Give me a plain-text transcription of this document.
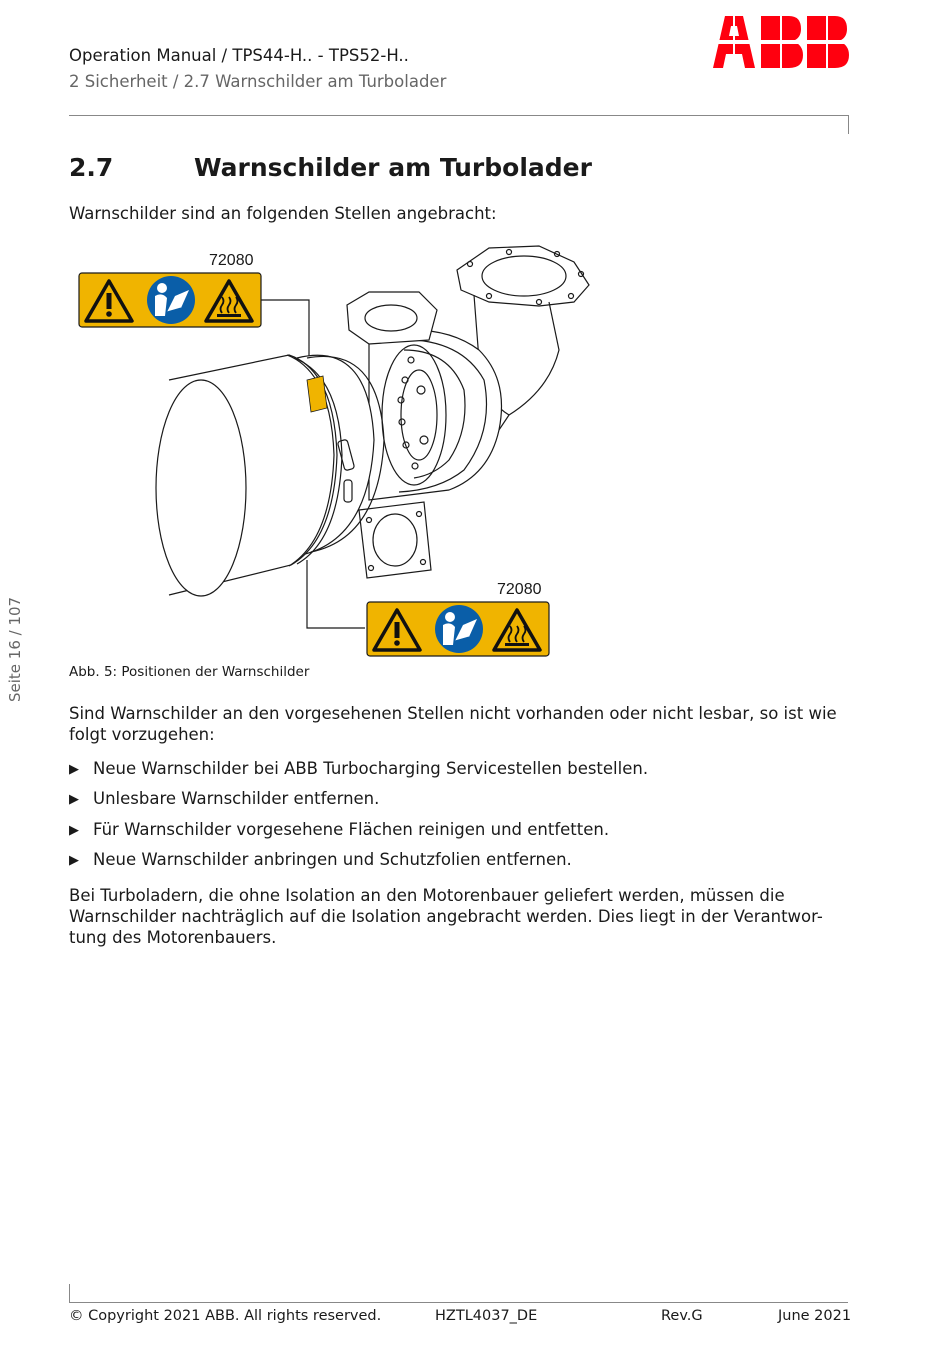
Operation Manual / TPS44-H.. - TPS52-H..
2 Sicherheit / 2.7 Warnschilder am Turbolader
2.7	Warnschilder am Turbolader
Warnschilder sind an folgenden Stellen angebracht:
72080
72080
Abb. 5: Positionen der Warnschilder
Sind Warnschilder an den vorgesehenen Stellen nicht vorhanden oder nicht lesbar, so ist wie folgt vorzugehen:
▶ Neue Warnschilder bei ABB Turbocharging Servicestellen bestellen.
▶ Unlesbare Warnschilder entfernen.
▶ Für Warnschilder vorgesehene Flächen reinigen und entfetten.
▶ Neue Warnschilder anbringen und Schutzfolien entfernen.
Bei Turboladern, die ohne Isolation an den Motorenbauer geliefert werden, müssen die Warnschilder nachträglich auf die Isolation angebracht werden. Dies liegt in der Verantwor-tung des Motorenbauers.
Seite 16 / 107
© Copyright 2021 ABB. All rights reserved.	HZTL4037_DE	Rev.G	June 2021
